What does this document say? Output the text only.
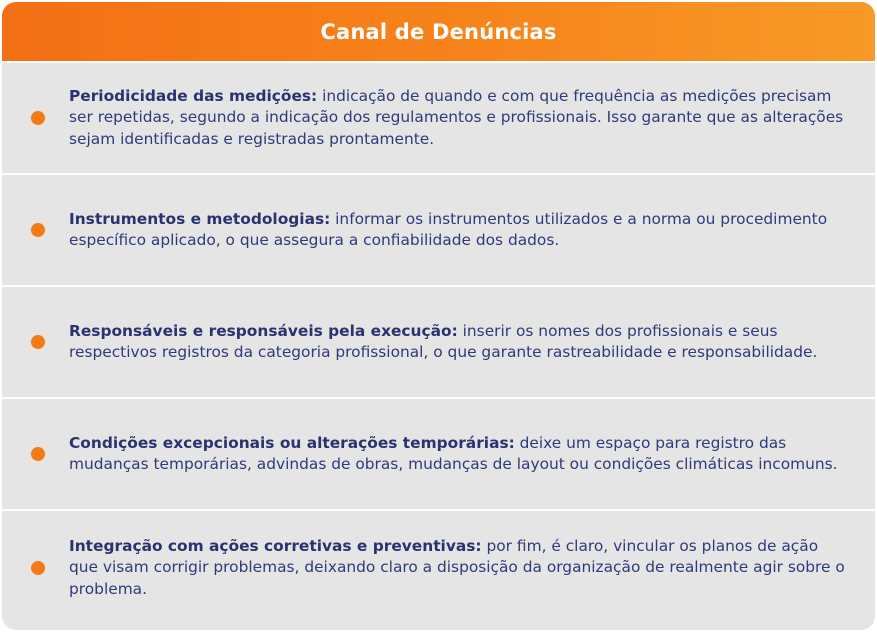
Canal de Denúncias
Periodicidade das medições: indicação de quando e com que frequência as medições precisam ser repetidas, segundo a indicação dos regulamentos e profissionais. Isso garante que as alterações sejam identificadas e registradas prontamente.
Instrumentos e metodologias: informar os instrumentos utilizados e a norma ou procedimento específico aplicado, o que assegura a confiabilidade dos dados.
Responsáveis e responsáveis pela execução: inserir os nomes dos profissionais e seus respectivos registros da categoria profissional, o que garante rastreabilidade e responsabilidade.
Condições excepcionais ou alterações temporárias: deixe um espaço para registro das mudanças temporárias, advindas de obras, mudanças de layout ou condições climáticas incomuns.
Integração com ações corretivas e preventivas: por fim, é claro, vincular os planos de ação que visam corrigir problemas, deixando claro a disposição da organização de realmente agir sobre o problema.
